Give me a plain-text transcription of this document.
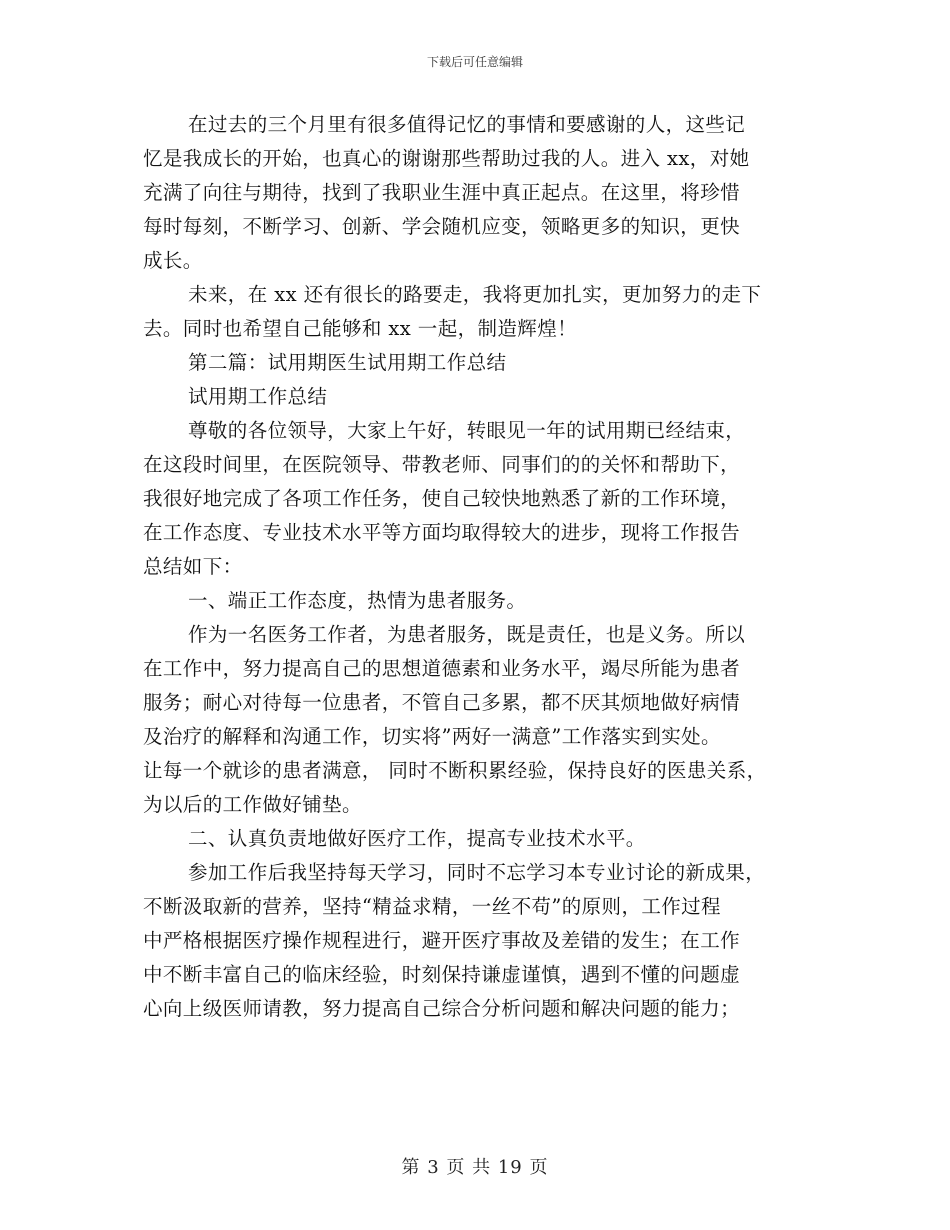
下载后可任意编辑
在过去的三个月里有很多值得记忆的事情和要感谢的人，这些记
忆是我成长的开始，也真心的谢谢那些帮助过我的人。进入 xx，对她
充满了向往与期待，找到了我职业生涯中真正起点。在这里，将珍惜
每时每刻，不断学习、创新、学会随机应变，领略更多的知识，更快
成长。
未来，在 xx 还有很长的路要走，我将更加扎实，更加努力的走下
去。同时也希望自己能够和 xx 一起，制造辉煌！
第二篇：试用期医生试用期工作总结
试用期工作总结
尊敬的各位领导，大家上午好，转眼见一年的试用期已经结束，
在这段时间里，在医院领导、带教老师、同事们的的关怀和帮助下，
我很好地完成了各项工作任务，使自己较快地熟悉了新的工作环境，
在工作态度、专业技术水平等方面均取得较大的进步，现将工作报告
总结如下：
一、端正工作态度，热情为患者服务。
作为一名医务工作者，为患者服务，既是责任，也是义务。所以
在工作中，努力提高自己的思想道德素和业务水平，竭尽所能为患者
服务；耐心对待每一位患者，不管自己多累，都不厌其烦地做好病情
及治疗的解释和沟通工作，切实将”两好一满意”工作落实到实处。
让每一个就诊的患者满意， 同时不断积累经验，保持良好的医患关系，
为以后的工作做好铺垫。
二、认真负责地做好医疗工作，提高专业技术水平。
参加工作后我坚持每天学习，同时不忘学习本专业讨论的新成果，
不断汲取新的营养，坚持“精益求精，一丝不苟”的原则，工作过程
中严格根据医疗操作规程进行，避开医疗事故及差错的发生；在工作
中不断丰富自己的临床经验，时刻保持谦虚谨慎，遇到不懂的问题虚
心向上级医师请教，努力提高自己综合分析问题和解决问题的能力；
第 3 页 共 19 页
